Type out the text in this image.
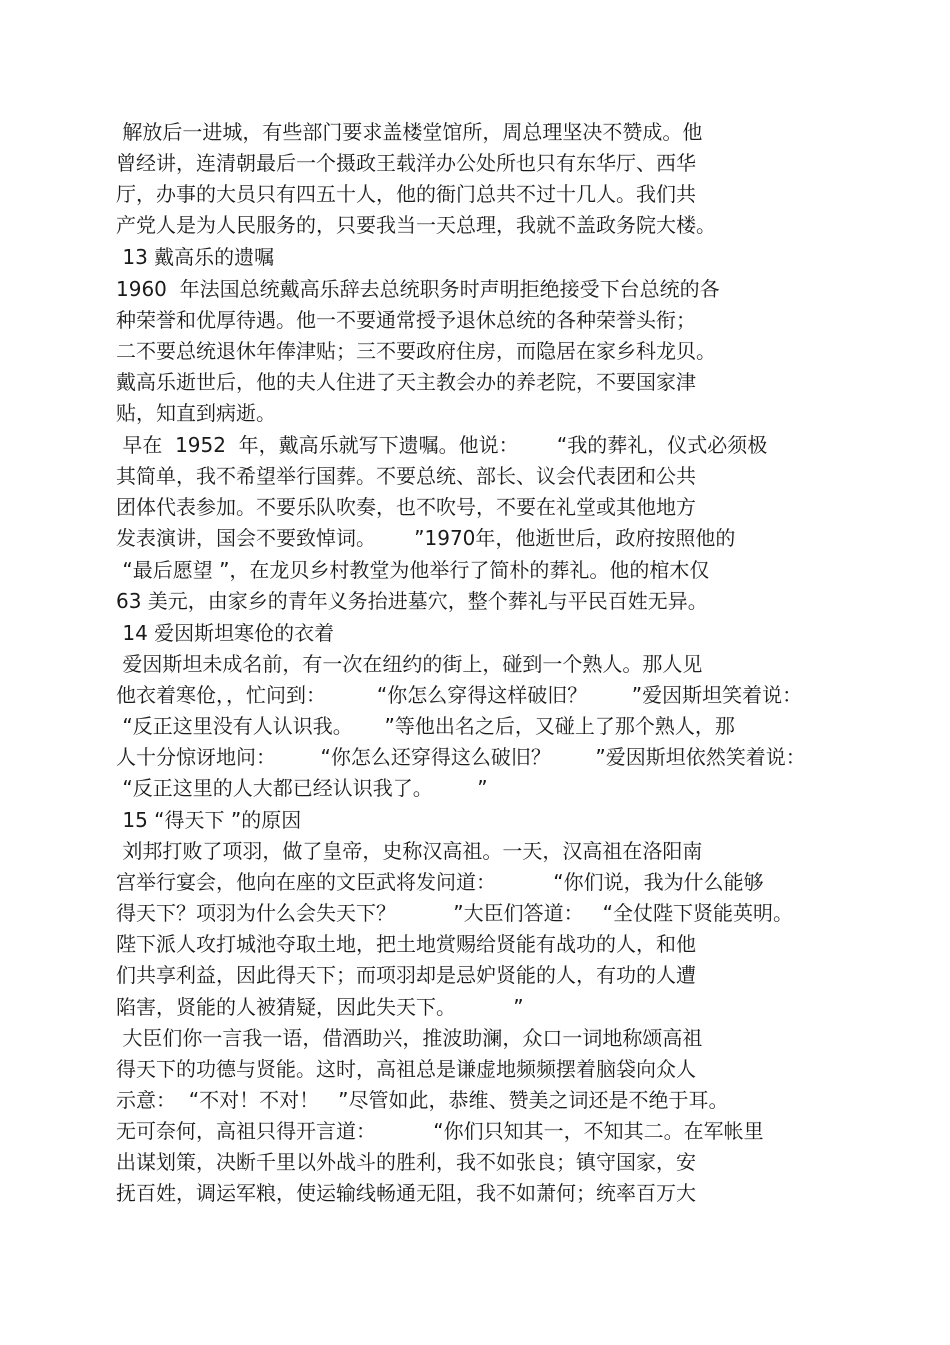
解放后一进城，有些部门要求盖楼堂馆所，周总理坚决不赞成。他
曾经讲，连清朝最后一个摄政王载洋办公处所也只有东华厅、西华
厅，办事的大员只有四五十人，他的衙门总共不过十几人。我们共
产党人是为人民服务的，只要我当一天总理，我就不盖政务院大楼。
13 戴高乐的遗嘱
1960  年法国总统戴高乐辞去总统职务时声明拒绝接受下台总统的各
种荣誉和优厚待遇。他一不要通常授予退休总统的各种荣誉头衔；
二不要总统退休年俸津贴；三不要政府住房，而隐居在家乡科龙贝。
戴高乐逝世后，他的夫人住进了天主教会办的养老院，不要国家津
贴，知直到病逝。
早在  1952  年，戴高乐就写下遗嘱。他说：      “我的葬礼，仪式必须极
其简单，我不希望举行国葬。不要总统、部长、议会代表团和公共
团体代表参加。不要乐队吹奏，也不吹号，不要在礼堂或其他地方
发表演讲，国会不要致悼词。      ”1970年，他逝世后，政府按照他的
“最后愿望 ”，在龙贝乡村教堂为他举行了简朴的葬礼。他的棺木仅
63 美元，由家乡的青年义务抬进墓穴，整个葬礼与平民百姓无异。
14 爱因斯坦寒伧的衣着
爱因斯坦未成名前，有一次在纽约的街上，碰到一个熟人。那人见
他衣着寒伧，，忙问到：        “你怎么穿得这样破旧？       ”爱因斯坦笑着说：
“反正这里没有人认识我。     ”等他出名之后，又碰上了那个熟人，那
人十分惊讶地问：       “你怎么还穿得这么破旧？       ”爱因斯坦依然笑着说：
“反正这里的人大都已经认识我了。       ”
15 “得天下 ”的原因
刘邦打败了项羽，做了皇帝，史称汉高祖。一天，汉高祖在洛阳南
宫举行宴会，他向在座的文臣武将发问道：         “你们说，我为什么能够
得天下？项羽为什么会失天下？         ”大臣们答道：   “全仗陛下贤能英明。
陛下派人攻打城池夺取土地，把土地赏赐给贤能有战功的人，和他
们共享利益，因此得天下；而项羽却是忌妒贤能的人，有功的人遭
陷害，贤能的人被猜疑，因此失天下。         ”
大臣们你一言我一语，借酒助兴，推波助澜，众口一词地称颂高祖
得天下的功德与贤能。这时，高祖总是谦虚地频频摆着脑袋向众人
示意：  “不对！不对！   ”尽管如此，恭维、赞美之词还是不绝于耳。
无可奈何，高祖只得开言道：         “你们只知其一，不知其二。在军帐里
出谋划策，决断千里以外战斗的胜利，我不如张良；镇守国家，安
抚百姓，调运军粮，使运输线畅通无阻，我不如萧何；统率百万大
